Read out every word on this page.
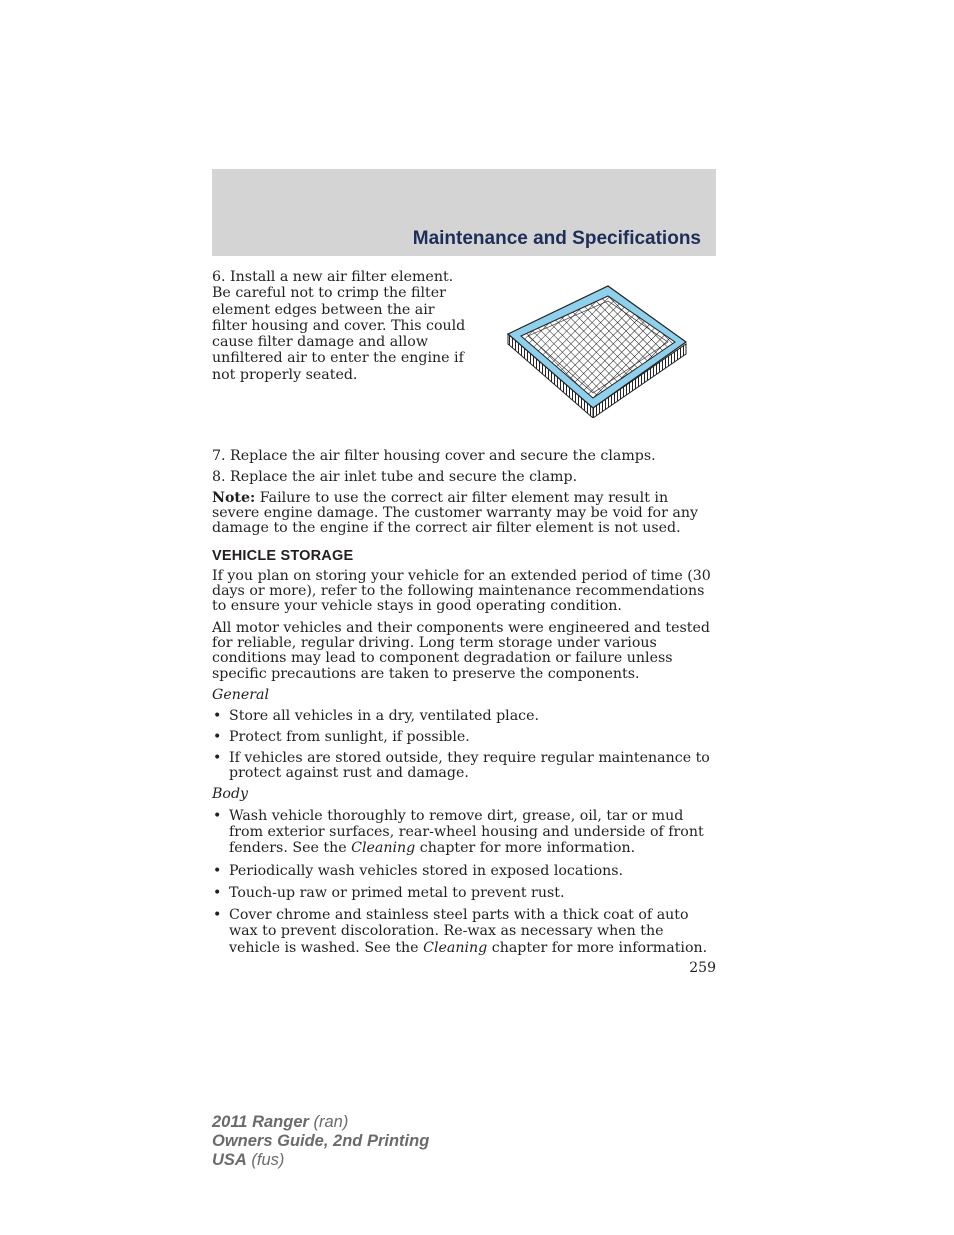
Maintenance and Specifications

6. Install a new air filter element. Be careful not to crimp the filter element edges between the air filter housing and cover. This could cause filter damage and allow unfiltered air to enter the engine if not properly seated.

7. Replace the air filter housing cover and secure the clamps.

8. Replace the air inlet tube and secure the clamp.

Note: Failure to use the correct air filter element may result in severe engine damage. The customer warranty may be void for any damage to the engine if the correct air filter element is not used.

VEHICLE STORAGE

If you plan on storing your vehicle for an extended period of time (30 days or more), refer to the following maintenance recommendations to ensure your vehicle stays in good operating condition.

All motor vehicles and their components were engineered and tested for reliable, regular driving. Long term storage under various conditions may lead to component degradation or failure unless specific precautions are taken to preserve the components.

General

• Store all vehicles in a dry, ventilated place.
• Protect from sunlight, if possible.
• If vehicles are stored outside, they require regular maintenance to protect against rust and damage.

Body

• Wash vehicle thoroughly to remove dirt, grease, oil, tar or mud from exterior surfaces, rear-wheel housing and underside of front fenders. See the Cleaning chapter for more information.
• Periodically wash vehicles stored in exposed locations.
• Touch-up raw or primed metal to prevent rust.
• Cover chrome and stainless steel parts with a thick coat of auto wax to prevent discoloration. Re-wax as necessary when the vehicle is washed. See the Cleaning chapter for more information.
259
2011 Ranger (ran)
Owners Guide, 2nd Printing
USA (fus)
